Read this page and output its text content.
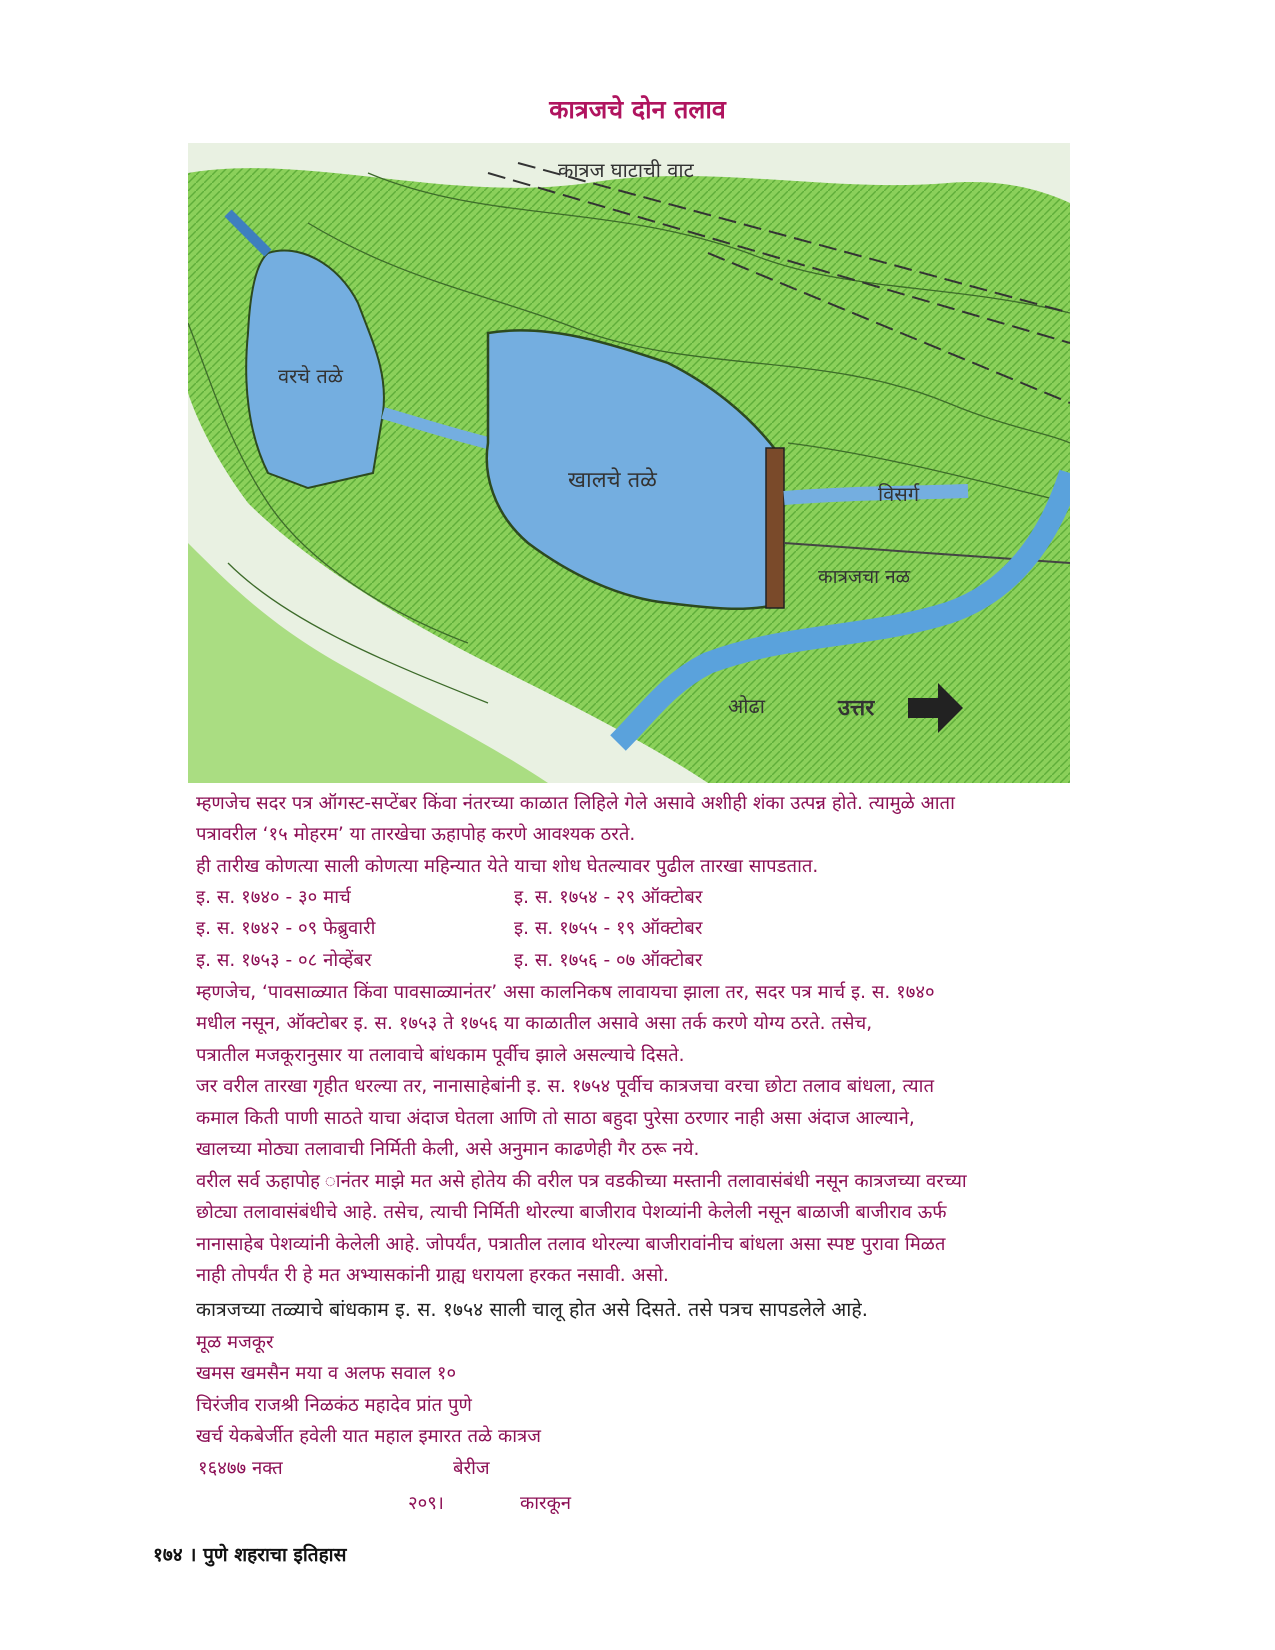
कात्रजचे दोन तलाव
कात्रज घाटाची वाट
वरचे तळे
खालचे तळे
विसर्ग
कात्रजचा नळ
ओढा	उत्तर
म्हणजेच सदर पत्र ऑगस्ट-सप्टेंबर किंवा नंतरच्या काळात लिहिले गेले असावे अशीही शंका उत्पन्न होते. त्यामुळे आता
पत्रावरील ‘१५ मोहरम’ या तारखेचा ऊहापोह करणे आवश्यक ठरते.
ही तारीख कोणत्या साली कोणत्या महिन्यात येते याचा शोध घेतल्यावर पुढील तारखा सापडतात.
इ. स. १७४० - ३० मार्च	इ. स. १७५४ - २९ ऑक्टोबर
इ. स. १७४२ - ०९ फेब्रुवारी	इ. स. १७५५ - १९ ऑक्टोबर
इ. स. १७५३ - ०८ नोव्हेंबर	इ. स. १७५६ - ०७ ऑक्टोबर
म्हणजेच, ‘पावसाळ्यात किंवा पावसाळ्यानंतर’ असा कालनिकष लावायचा झाला तर, सदर पत्र मार्च इ. स. १७४०
मधील नसून, ऑक्टोबर इ. स. १७५३ ते १७५६ या काळातील असावे असा तर्क करणे योग्य ठरते. तसेच,
पत्रातील मजकूरानुसार या तलावाचे बांधकाम पूर्वीच झाले असल्याचे दिसते.
जर वरील तारखा गृहीत धरल्या तर, नानासाहेबांनी इ. स. १७५४ पूर्वीच कात्रजचा वरचा छोटा तलाव बांधला, त्यात
कमाल किती पाणी साठते याचा अंदाज घेतला आणि तो साठा बहुदा पुरेसा ठरणार नाही असा अंदाज आल्याने,
खालच्या मोठ्या तलावाची निर्मिती केली, असे अनुमान काढणेही गैर ठरू नये.
वरील सर्व ऊहापोह ानंतर माझे मत असे होतेय की वरील पत्र वडकीच्या मस्तानी तलावासंबंधी नसून कात्रजच्या वरच्या
छोट्या तलावासंबंधीचे आहे. तसेच, त्याची निर्मिती थोरल्या बाजीराव पेशव्यांनी केलेली नसून बाळाजी बाजीराव ऊर्फ
नानासाहेब पेशव्यांनी केलेली आहे. जोपर्यंत, पत्रातील तलाव थोरल्या बाजीरावांनीच बांधला असा स्पष्ट पुरावा मिळत
नाही तोपर्यंत री हे मत अभ्यासकांनी ग्राह्य धरायला हरकत नसावी. असो.
कात्रजच्या तळ्याचे बांधकाम इ. स. १७५४ साली चालू होत असे दिसते. तसे पत्रच सापडलेले आहे.
मूळ मजकूर
खमस खमसैन मया व अलफ सवाल १०
चिरंजीव राजश्री निळकंठ महादेव प्रांत पुणे
खर्च येकबेर्जीत हवेली यात महाल इमारत तळे कात्रज
१६४७७ नक्त	बेरीज
२०९।	कारकून
१७४ । पुणे शहराचा इतिहास
